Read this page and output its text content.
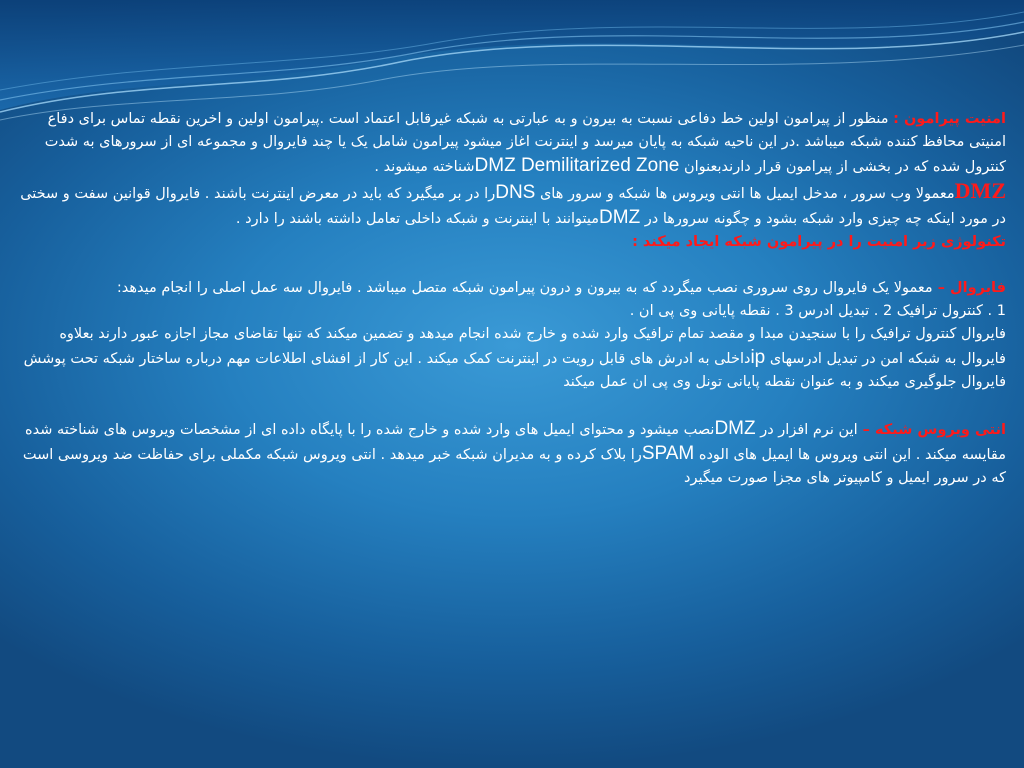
امنیت پیرامون : منظور از پیرامون اولین خط دفاعی نسبت به بیرون و به عبارتی به شبکه غیرقابل اعتماد است .پیرامون اولین و اخرین نقطه تماس برای دفاع امنیتی محافظ کننده شبکه میباشد .در این ناحیه شبکه به پایان میرسد و اینترنت اغاز میشود پیرامون شامل یک یا چند فایروال و مجموعه ای از سرورهای به شدت کنترول شده که در بخشی از پیرامون قرار دارندبعنوان DMZ Demilitarized Zoneشناخته میشوند .

DMZمعمولا وب سرور ، مدخل ایمیل ها انتی ویروس ها شبکه و سرور های DNSرا در بر میگیرد که باید در معرض اینترنت باشند . فایروال قوانین سفت و سختی در مورد اینکه چه چیزی وارد شبکه بشود و چگونه سرورها در DMZمیتوانند با اینترنت و شبکه داخلی تعامل داشته باشند را دارد .

تکنولوژی زیر امنیت را در پیرامون شبکه ایجاد میکند :

فایروال – معمولا یک فایروال روی سروری نصب میگردد که به بیرون و درون پیرامون شبکه متصل میباشد . فایروال سه عمل اصلی را انجام میدهد:

1 . کنترول ترافیک 2 . تبدیل ادرس 3 . نقطه پایانی وی پی ان .

فایروال کنترول ترافیک را با سنجیدن مبدا و مقصد تمام ترافیک وارد شده و خارج شده انجام میدهد و تضمین میکند که تنها تقاضای مجاز اجازه عبور دارند بعلاوه فایروال به شبکه امن در تبدیل ادرسهای ipداخلی به ادرش های قابل رویت در اینترنت کمک میکند . این کار از افشای اطلاعات مهم درباره ساختار شبکه تحت پوشش فایروال جلوگیری میکند و به عنوان نقطه پایانی تونل وی پی ان عمل میکند

انتی ویروس شبکه – این نرم افزار در DMZنصب میشود و محتوای ایمیل های وارد شده و خارج شده را با پایگاه داده ای از مشخصات ویروس های شناخته شده مقایسه میکند . این انتی ویروس ها ایمیل های الوده SPAMرا بلاک کرده و به مدیران شبکه خبر میدهد . انتی ویروس شبکه مکملی برای حفاظت ضد ویروسی است که در سرور ایمیل و کامپیوتر های مجزا صورت میگیرد
